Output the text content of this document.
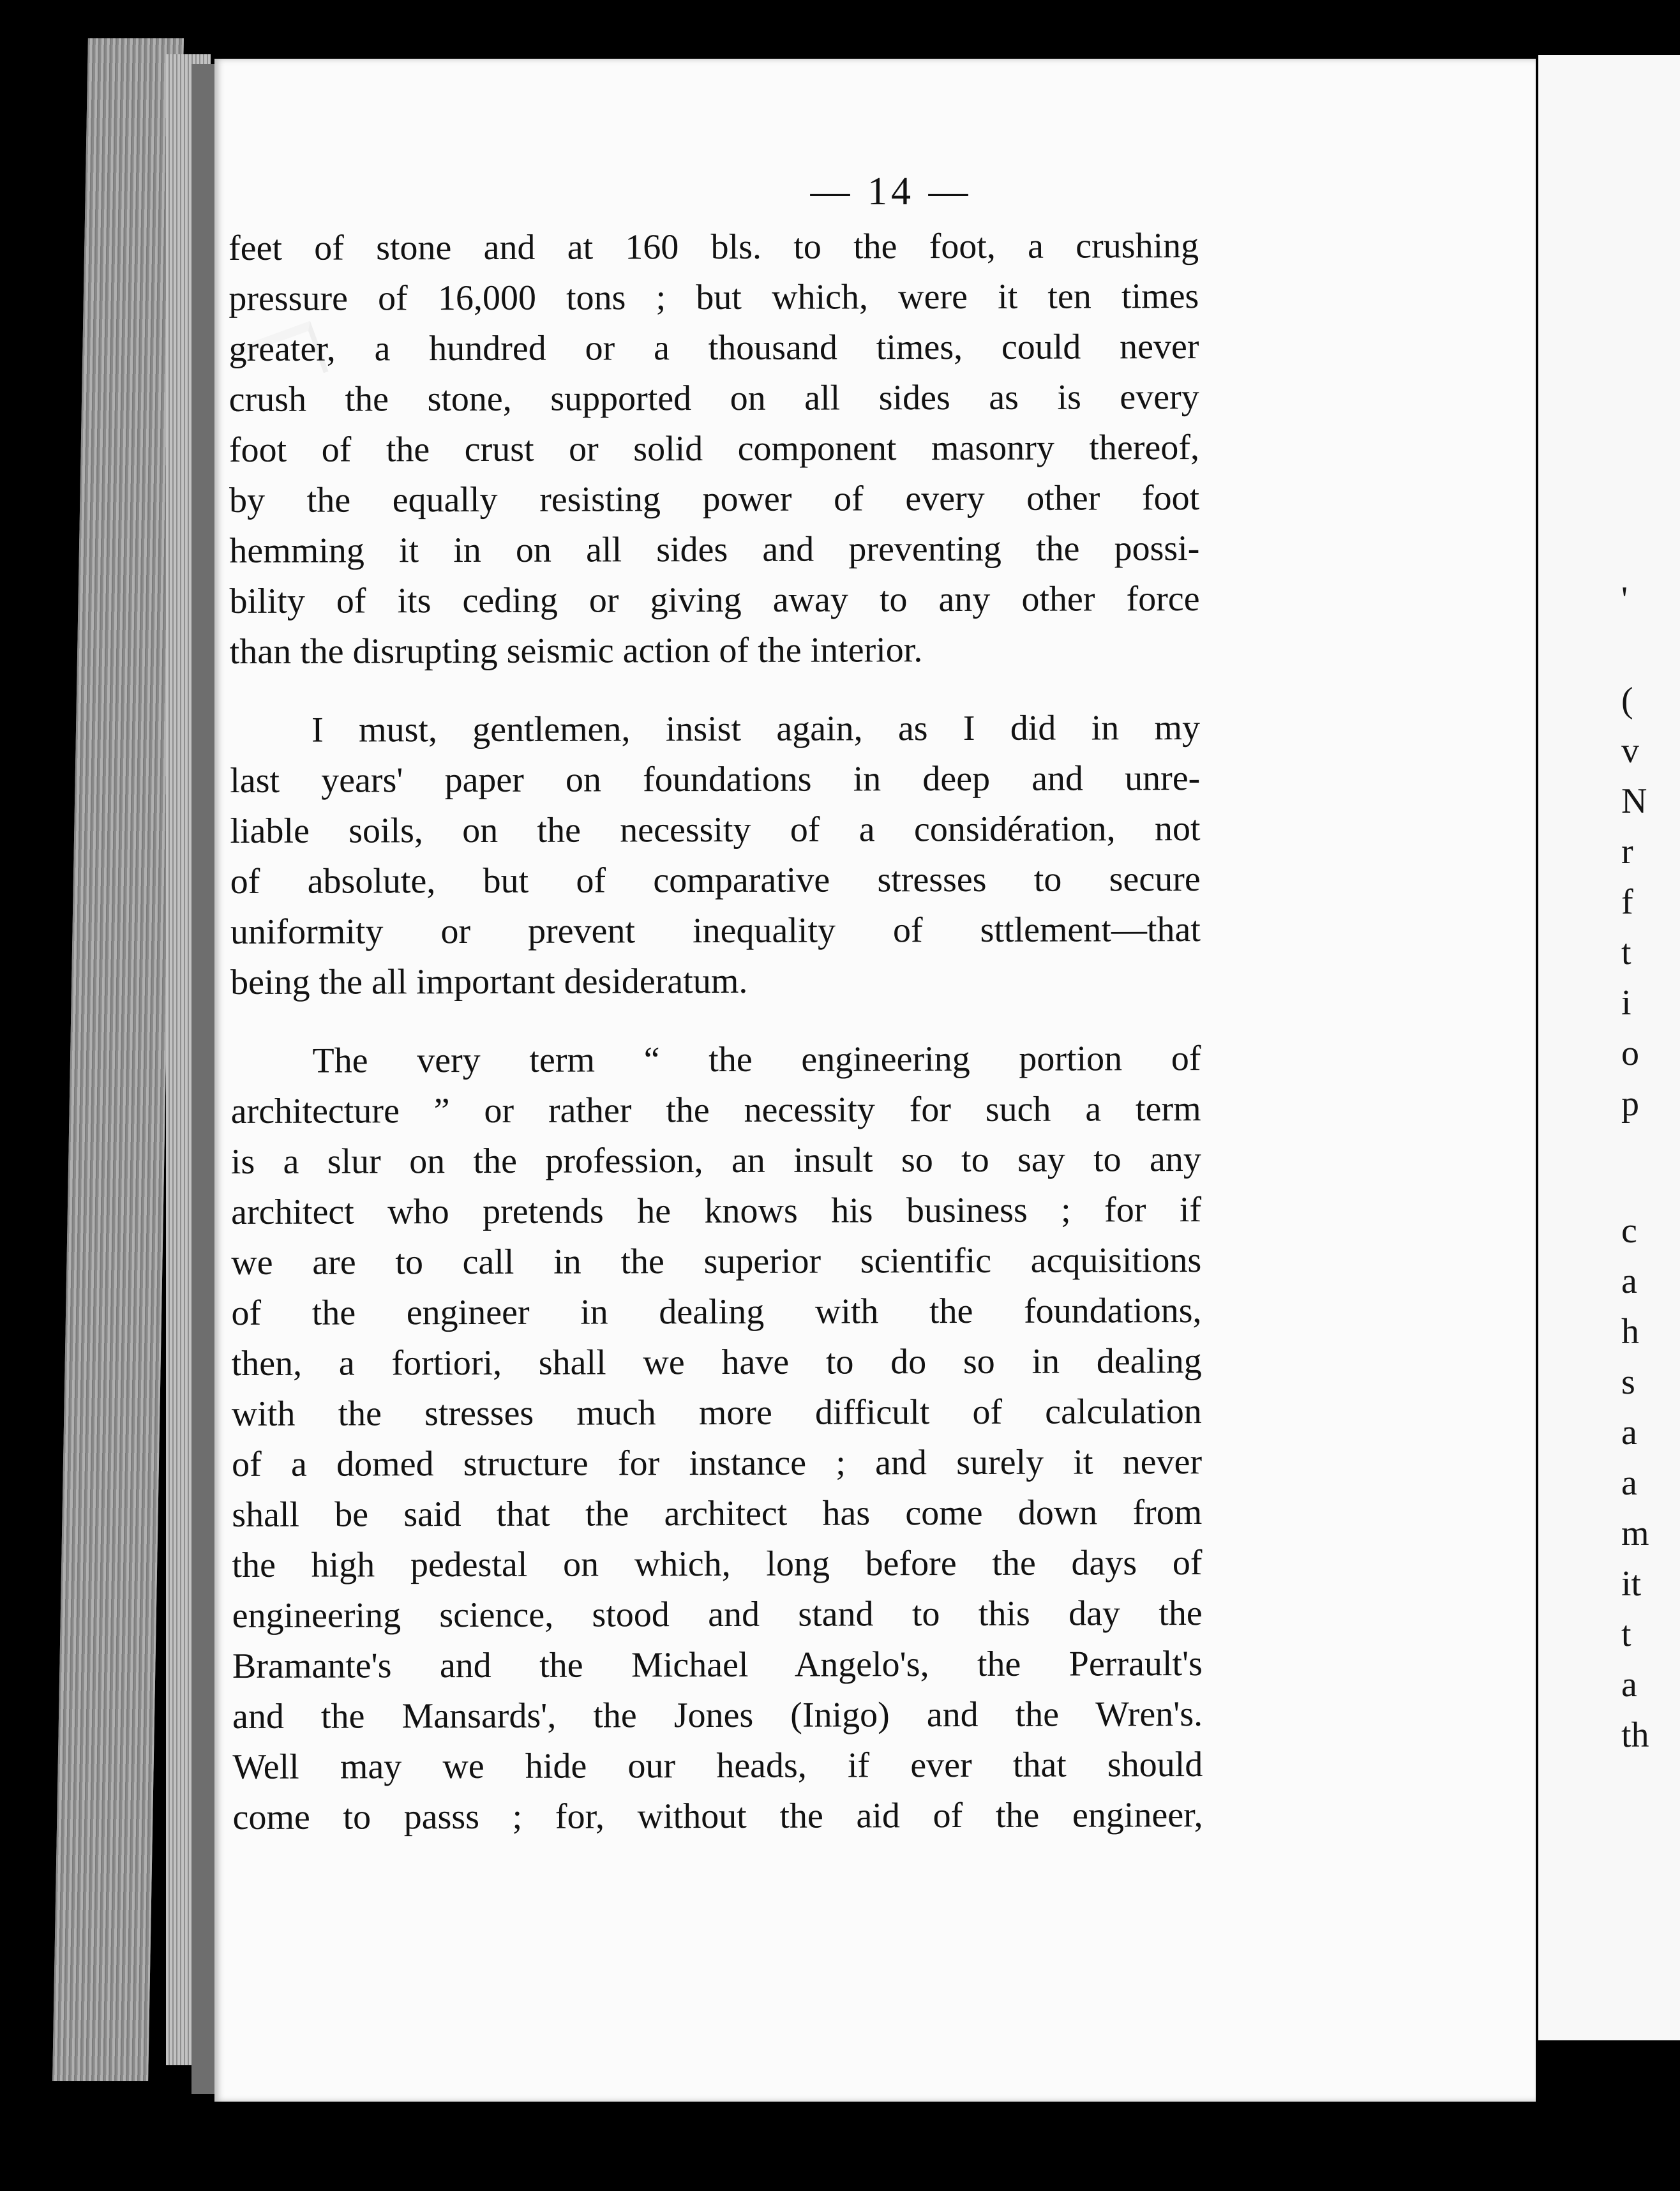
— 14 —
feet of stone and at 160 bls. to the foot, a crushing
pressure of 16,000 tons ; but which, were it ten times
greater, a hundred or a thousand times, could never
crush the stone, supported on all sides as is every
foot of the crust or solid component masonry thereof,
by the equally resisting power of every other foot
hemming it in on all sides and preventing the possi-
bility of its ceding or giving away to any other force
than the disrupting seismic action of the interior.
I must, gentlemen, insist again, as I did in my
last years' paper on foundations in deep and unre-
liable soils, on the necessity of a considération, not
of absolute, but of comparative stresses to secure
uniformity or prevent inequality of sttlement—that
being the all important desideratum.
The very term “ the engineering portion of
architecture ” or rather the necessity for such a term
is a slur on the profession, an insult so to say to any
architect who pretends he knows his business ; for if
we are to call in the superior scientific acquisitions
of the engineer in dealing with the foundations,
then, a fortiori, shall we have to do so in dealing
with the stresses much more difficult of calculation
of a domed structure for instance ; and surely it never
shall be said that the architect has come down from
the high pedestal on which, long before the days of
engineering science, stood and stand to this day the
Bramante's and the Michael Angelo's, the Perrault's
and the Mansards', the Jones (Inigo) and the Wren's.
Well may we hide our heads, if ever that should
come to passs ; for, without the aid of the engineer,
'
(
v
N
r
f
t
i
o
p
c
a
h
s
a
a
m
it
t
a
th
